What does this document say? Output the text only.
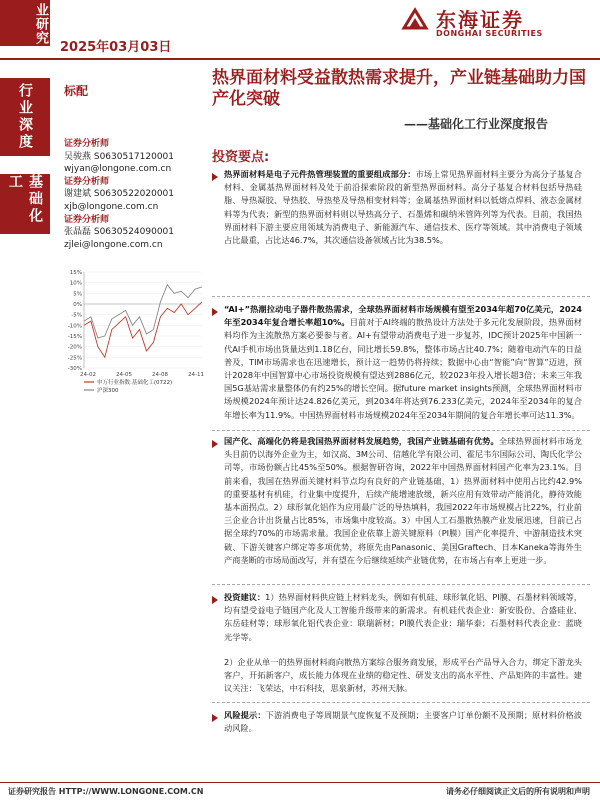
业研究
2025年03月03日
东海证券
DONGHAI SECURITIES
行业深度
基础化工
标配
证券分析师
吴骏燕 S0630517120001
wjyan@longone.com.cn
证券分析师
谢建斌 S0630522020001
xjb@longone.com.cn
证券分析师
张晶磊 S0630524090001
zjlei@longone.com.cn
15%
10%
5%
0%
-5%
-10%
-15%
-20%
-25%
-30%
24-02	24-05	24-08	24-11
申万行业指数:基础化工(0722)
沪深300
热界面材料受益散热需求提升，产业链基础助力国产化突破
——基础化工行业深度报告
投资要点:
热界面材料是电子元件热管理装置的重要组成部分：市场上常见热界面材料主要分为高分子基复合材料、金属基热界面材料及处于前沿探索阶段的新型热界面材料。高分子基复合材料包括导热硅脂、导热凝胶、导热胶、导热垫及导热相变材料等；金属基热界面材料以低熔点焊料、液态金属材料等为代表；新型的热界面材料则以导热高分子、石墨烯和碳纳米管阵列等为代表。目前，我国热界面材料下游主要应用领域为消费电子、新能源汽车、通信技术、医疗等领域。其中消费电子领域占比最重，占比达46.7%，其次通信设备领域占比为38.5%。
“AI+”热潮拉动电子器件散热需求，全球热界面材料市场规模有望至2034年超70亿美元，2024年至2034年复合增长率超10%。目前对于AI终端的散热设计方法处于多元化发展阶段，热界面材料均作为主流散热方案必要参与者。AI+有望带动消费电子进一步复苏，IDC预计2025年中国新一代AI手机市场出货量达到1.18亿台，同比增长59.8%，整体市场占比40.7%；随着电动汽车的日益普及，TIM市场需求也在迅速增长，预计这一趋势仍将持续；数据中心由“智能”向“智算”迈进，预计2028年中国智算中心市场投资规模有望达到2886亿元，较2023年投入增长超3倍；未来三年我国5G基站需求量整体仍有约25%的增长空间。据future market insights预测，全球热界面材料市场规模2024年预计达24.826亿美元，到2034年将达到76.233亿美元，2024年至2034年的复合年增长率为11.9%。中国热界面材料市场规模2024年至2034年期间的复合年增长率可达11.3%。
国产化、高端化仍将是我国热界面材料发展趋势，我国产业链基础有优势。全球热界面材料市场龙头目前仍以海外企业为主，如汉高、3M公司、信越化学有限公司、霍尼韦尔国际公司、陶氏化学公司等，市场份额占比45%至50%。根据智研咨询，2022年中国热界面材料国产化率为23.1%。目前来看，我国在热界面关键材料节点均有良好的产业链基础，1）热界面材料中使用占比约42.9%的重要基材有机硅，行业集中度提升，后续产能增速放缓，新兴应用有效带动产能消化，静待效能基本面拐点。2）球形氧化铝作为应用最广泛的导热填料，我国2022年市场规模占比22%，行业前三企业合计出货量占比85%，市场集中度较高。3）中国人工石墨散热膜产业发展迅速，目前已占据全球约70%的市场需求量。我国企业依靠上游关键原料（PI膜）国产化率提升、中游制造技术突破、下游关键客户绑定等多项优势，将原先由Panasonic、美国Graftech、日本Kaneka等海外生产商垄断的市场局面改写，并有望在今后继续延续产业链优势，在市场占有率上更进一步。
投资建议：1）热界面材料供应链上材料龙头，例如有机硅、球形氧化铝、PI膜、石墨材料领域等，均有望受益电子链国产化及人工智能升级带来的新需求。有机硅代表企业：新安股份、合盛硅业、东岳硅材等；球形氧化铝代表企业：联瑞新材；PI膜代表企业：瑞华泰；石墨材料代表企业：蓝晓光学等。
2）企业从单一的热界面材料商向散热方案综合服务商发展，形成平台产品导入合力，绑定下游龙头客户，开拓新客户，成长能力体现在业绩的稳定性、研发支出的高水平性、产品矩阵的丰富性。建议关注：飞荣达，中石科技，思泉新材，苏州天脉。
风险提示：下游消费电子等周期景气度恢复不及预期；主要客户订单份额不及预期；原材料价格波动风险。
证券研究报告 HTTP://WWW.LONGONE.COM.CN	请务必仔细阅读正文后的所有说明和声明
